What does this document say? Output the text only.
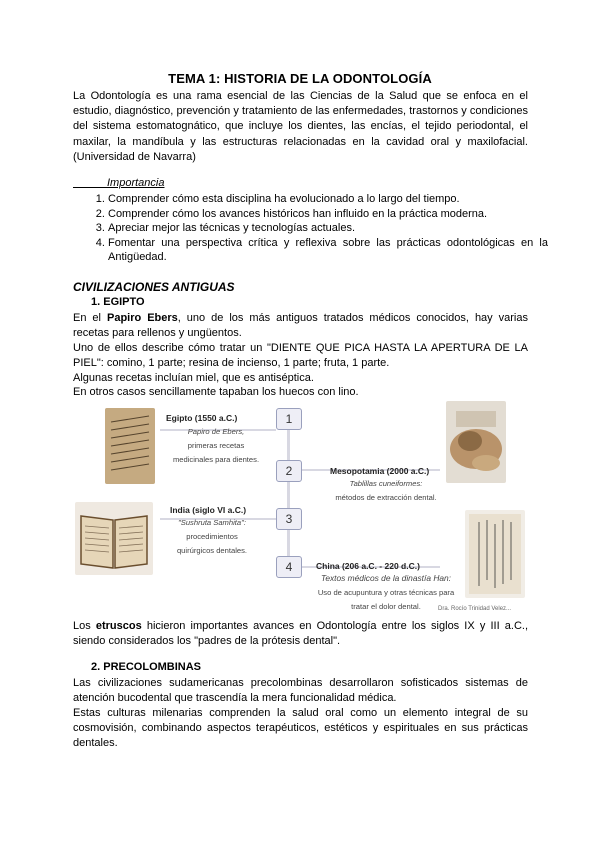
TEMA 1: HISTORIA DE LA ODONTOLOGÍA
La Odontología es una rama esencial de las Ciencias de la Salud que se enfoca en el estudio, diagnóstico, prevención y tratamiento de las enfermedades, trastornos y condiciones del sistema estomatognático, que incluye los dientes, las encías, el tejido periodontal, el maxilar, la mandíbula y las estructuras relacionadas en la cavidad oral y maxilofacial. (Universidad de Navarra)
Importancia
1. Comprender cómo esta disciplina ha evolucionado a lo largo del tiempo.
2. Comprender cómo los avances históricos han influido en la práctica moderna.
3. Apreciar mejor las técnicas y tecnologías actuales.
4. Fomentar una perspectiva crítica y reflexiva sobre las prácticas odontológicas en la Antigüedad.
CIVILIZACIONES ANTIGUAS
1. EGIPTO
En el Papiro Ebers, uno de los más antiguos tratados médicos conocidos, hay varias recetas para rellenos y ungüentos.
Uno de ellos describe cómo tratar un "DIENTE QUE PICA HASTA LA APERTURA DE LA PIEL": comino, 1 parte; resina de incienso, 1 parte; fruta, 1 parte.
Algunas recetas incluían miel, que es antiséptica.
En otros casos sencillamente tapaban los huecos con lino.
1
2
3
4
Egipto (1550 a.C.)
Papiro de Ebers,
primeras recetas
medicinales para dientes.
Mesopotamia (2000 a.C.)
Tablillas cuneiformes:
métodos de extracción dental.
India (siglo VI a.C.)
"Sushruta Samhita":
procedimientos
quirúrgicos dentales.
China (206 a.C. - 220 d.C.)
Textos médicos de la dinastía Han:
Uso de acupuntura y otras técnicas para
tratar el dolor dental.	Dra. Rocío Trinidad Velez...
Los etruscos hicieron importantes avances en Odontología entre los siglos IX y III a.C., siendo considerados los "padres de la prótesis dental".
2. PRECOLOMBINAS
Las civilizaciones sudamericanas precolombinas desarrollaron sofisticados sistemas de atención bucodental que trascendía la mera funcionalidad médica.
Estas culturas milenarias comprenden la salud oral como un elemento integral de su cosmovisión, combinando aspectos terapéuticos, estéticos y espirituales en sus prácticas dentales.
